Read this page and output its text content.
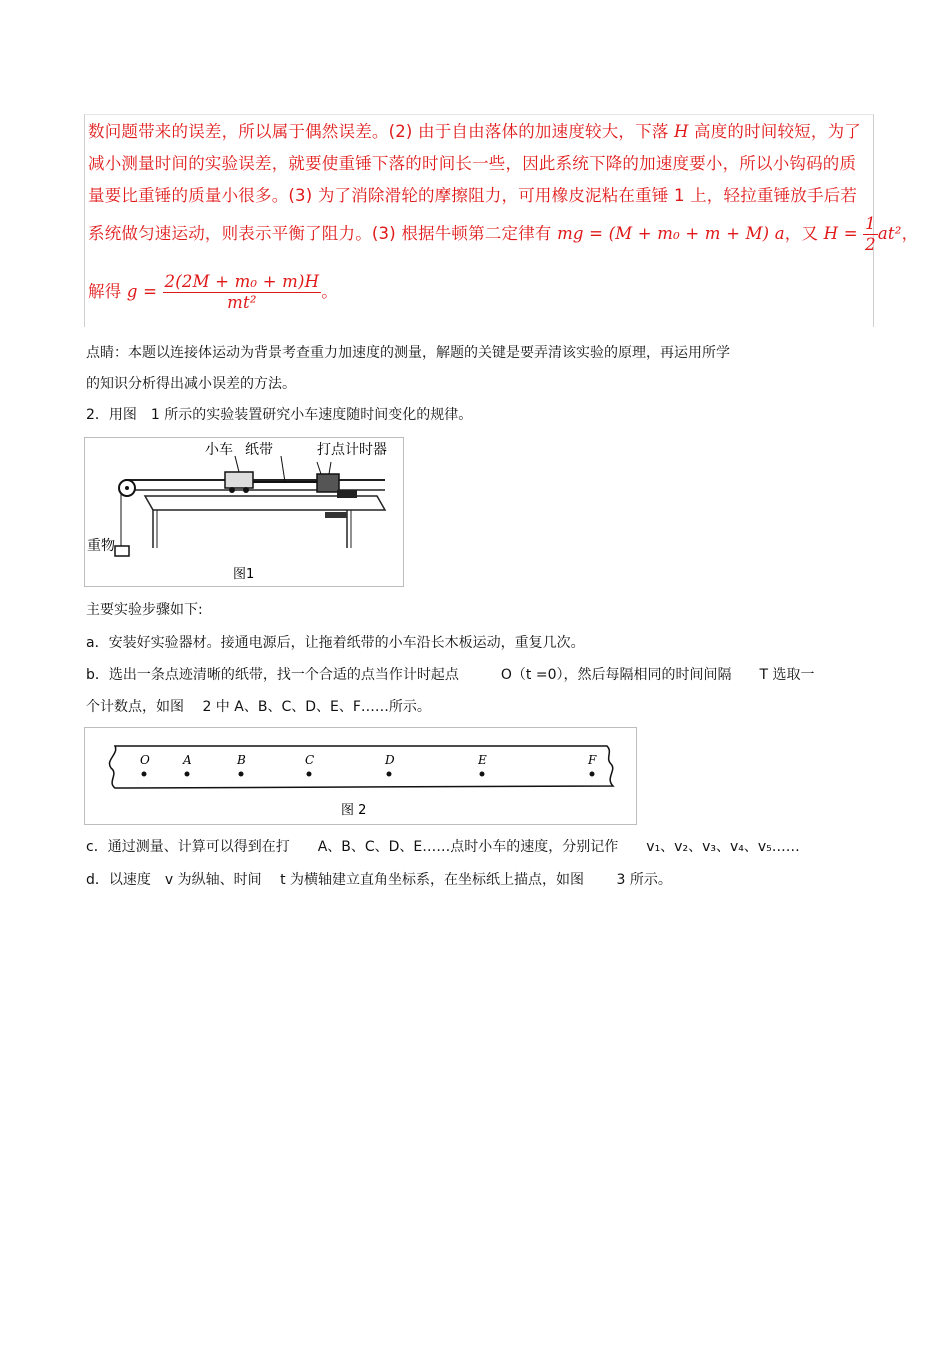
数问题带来的误差，所以属于偶然误差。(2) 由于自由落体的加速度较大，下落 H 高度的时间较短，为了
减小测量时间的实验误差，就要使重锤下落的时间长一些，因此系统下降的加速度要小，所以小钩码的质
量要比重锤的质量小很多。(3) 为了消除滑轮的摩擦阻力，可用橡皮泥粘在重锤 1 上，轻拉重锤放手后若
系统做匀速运动，则表示平衡了阻力。(3) 根据牛顿第二定律有 mg = (M + m₀ + m + M) a，又 $H = \frac{1}{2} at^2$，
解得 $g = \frac{\text{2(2M + m₀ + m)H}}{\text{mt²}}$ 。
点睛：本题以连接体运动为背景考查重力加速度的测量，解题的关键是要弄清该实验的原理，再运用所学
的知识分析得出减小误差的方法。
2．用图　1 所示的实验装置研究小车速度随时间变化的规律。
小车 纸带	打点计时器
重物
图1
主要实验步骤如下:
a．安装好实验器材。接通电源后，让拖着纸带的小车沿长木板运动，重复几次。
b．选出一条点迹清晰的纸带，找一个合适的点当作计时起点　　　O（t =0），然后每隔相同的时间间隔　　T 选取一
个计数点，如图　 2 中 A、B、C、D、E、F……所示。
图 2
O	A	B	C	D	E	F
c．通过测量、计算可以得到在打　　A、B、C、D、E……点时小车的速度，分别记作　　v₁、v₂、v₃、v₄、v₅……
d．以速度　v 为纵轴、时间　 t 为横轴建立直角坐标系，在坐标纸上描点，如图　　 3 所示。
